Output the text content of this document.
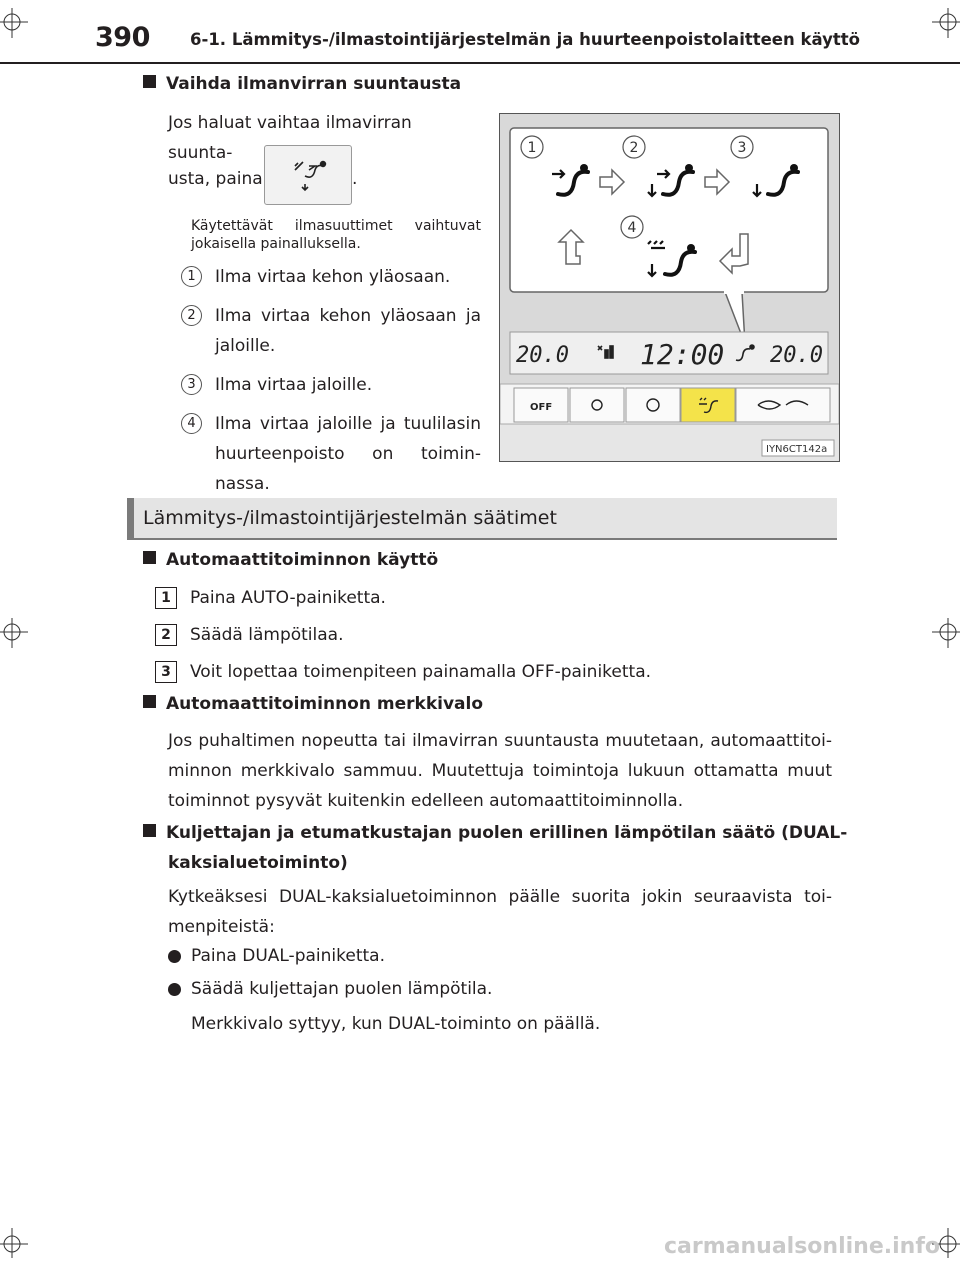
390 6-1. Lämmitys-/ilmastointijärjestelmän ja huurteenpoistolaitteen käyttö
Vaihda ilmanvirran suuntausta
Jos haluat vaihtaa ilmavirran suunta-
usta, paina	.
Käytettävät ilmasuuttimet vaihtuvat jokaisella painalluksella.
1	Ilma virtaa kehon yläosaan.
2	Ilma virtaa kehon yläosaan ja jaloille.
3	Ilma virtaa jaloille.
4	Ilma virtaa jaloille ja tuulilasin huurteenpoisto on toimin- nassa.
1	2	3
4
20.0	12:00 20.0
OFF
IYN6CT142a
Lämmitys-/ilmastointijärjestelmän säätimet
Automaattitoiminnon käyttö
1	Paina AUTO-painiketta.
2	Säädä lämpötilaa.
3	Voit lopettaa toimenpiteen painamalla OFF-painiketta.
Automaattitoiminnon merkkivalo
Jos puhaltimen nopeutta tai ilmavirran suuntausta muutetaan, automaattitoi- minnon merkkivalo sammuu. Muutettuja toimintoja lukuun ottamatta muut toiminnot pysyvät kuitenkin edelleen automaattitoiminnolla.
Kuljettajan ja etumatkustajan puolen erillinen lämpötilan säätö (DUAL-
kaksialuetoiminto)
Kytkeäksesi DUAL-kaksialuetoiminnon päälle suorita jokin seuraavista toi- menpiteistä:
Paina DUAL-painiketta.
Säädä kuljettajan puolen lämpötila.
Merkkivalo syttyy, kun DUAL-toiminto on päällä.
carmanualsonline.info
